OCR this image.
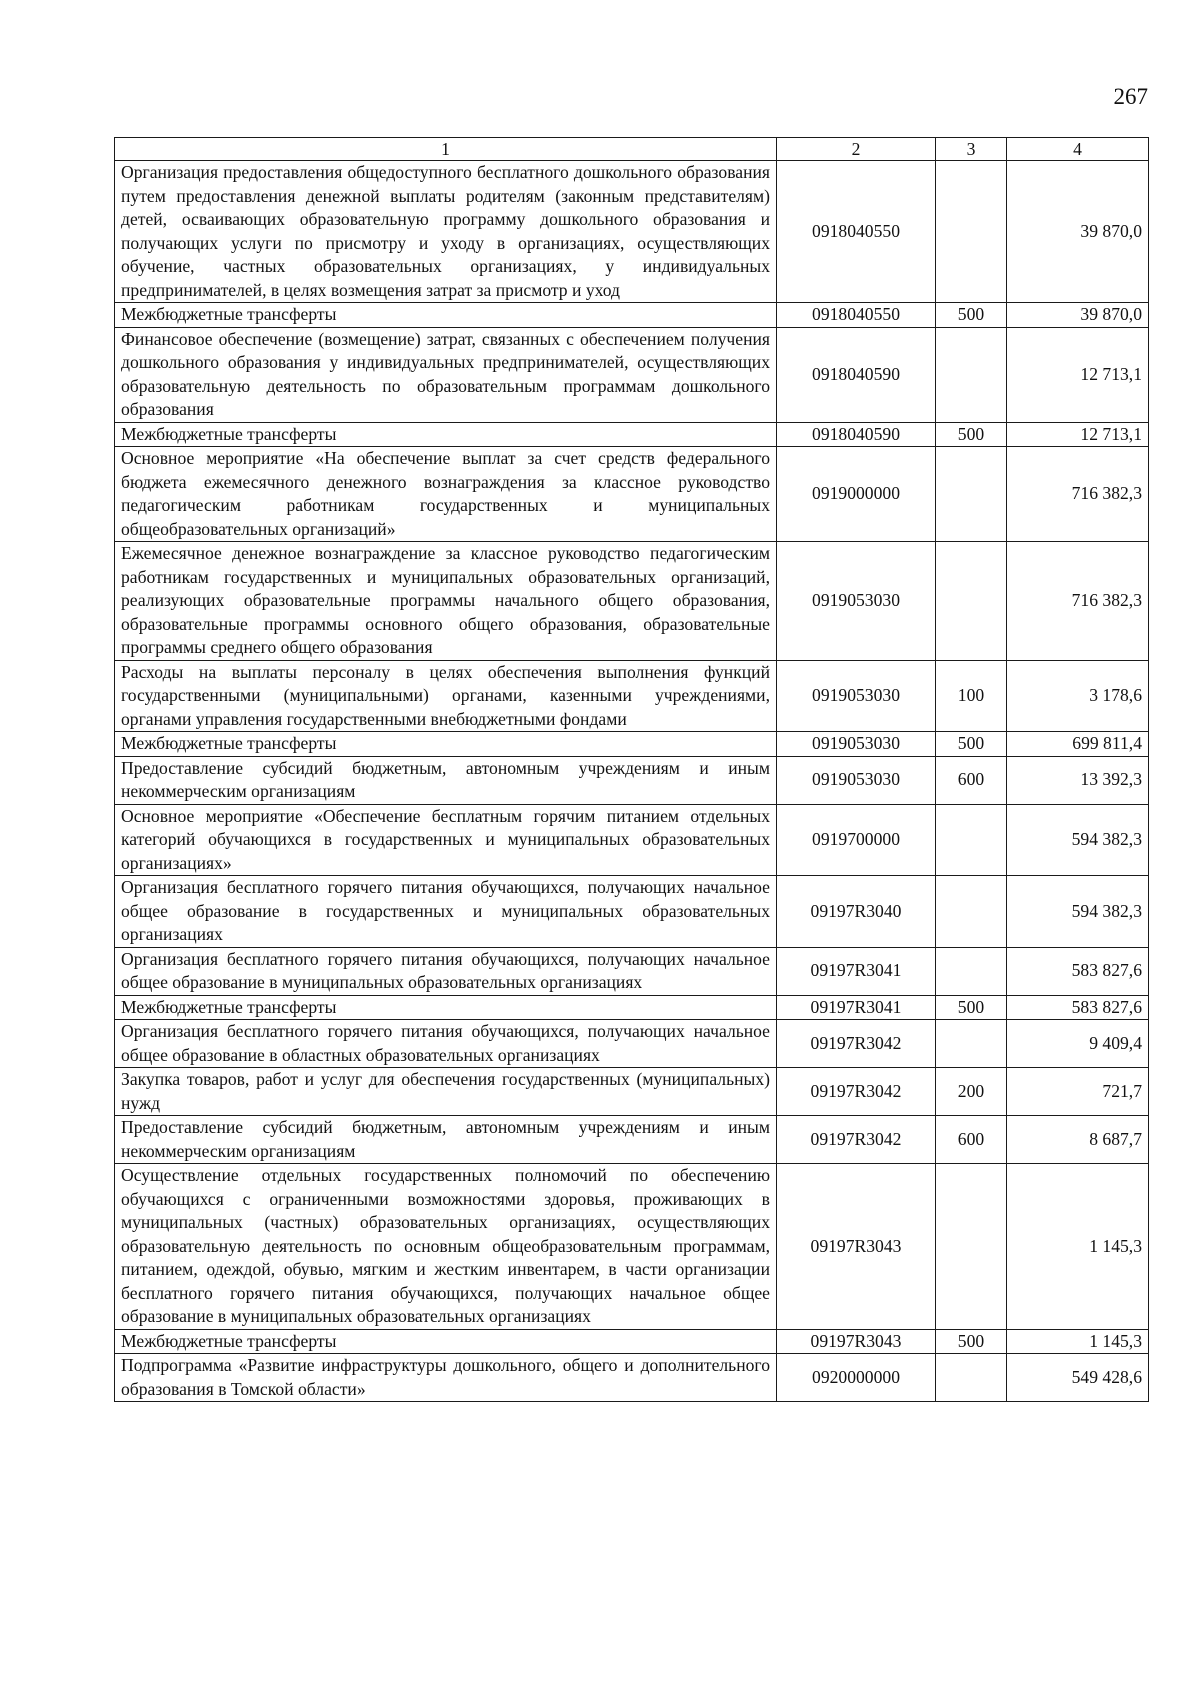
267
1	2	3	4
Организация предоставления общедоступного бесплатного дошкольного образования путем предоставления денежной выплаты родителям (законным представителям) детей, осваивающих образовательную программу дошкольного образования и получающих услуги по присмотру и уходу в организациях, осуществляющих обучение, частных образовательных организациях, у индивидуальных предпринимателей, в целях возмещения затрат за присмотр и уход	0918040550		39 870,0
Межбюджетные трансферты	0918040550	500	39 870,0
Финансовое обеспечение (возмещение) затрат, связанных с обеспечением получения дошкольного образования у индивидуальных предпринимателей, осуществляющих образовательную деятельность по образовательным программам дошкольного образования	0918040590		12 713,1
Межбюджетные трансферты	0918040590	500	12 713,1
Основное мероприятие «На обеспечение выплат за счет средств федерального бюджета ежемесячного денежного вознаграждения за классное руководство педагогическим работникам государственных и муниципальных общеобразовательных организаций»	0919000000		716 382,3
Ежемесячное денежное вознаграждение за классное руководство педагогическим работникам государственных и муниципальных образовательных организаций, реализующих образовательные программы начального общего образования, образовательные программы основного общего образования, образовательные программы среднего общего образования	0919053030		716 382,3
Расходы на выплаты персоналу в целях обеспечения выполнения функций государственными (муниципальными) органами, казенными учреждениями, органами управления государственными внебюджетными фондами	0919053030	100	3 178,6
Межбюджетные трансферты	0919053030	500	699 811,4
Предоставление субсидий бюджетным, автономным учреждениям и иным некоммерческим организациям	0919053030	600	13 392,3
Основное мероприятие «Обеспечение бесплатным горячим питанием отдельных категорий обучающихся в государственных и муниципальных образовательных организациях»	0919700000		594 382,3
Организация бесплатного горячего питания обучающихся, получающих начальное общее образование в государственных и муниципальных образовательных организациях	09197R3040		594 382,3
Организация бесплатного горячего питания обучающихся, получающих начальное общее образование в муниципальных образовательных организациях	09197R3041		583 827,6
Межбюджетные трансферты	09197R3041	500	583 827,6
Организация бесплатного горячего питания обучающихся, получающих начальное общее образование в областных образовательных организациях	09197R3042		9 409,4
Закупка товаров, работ и услуг для обеспечения государственных (муниципальных) нужд	09197R3042	200	721,7
Предоставление субсидий бюджетным, автономным учреждениям и иным некоммерческим организациям	09197R3042	600	8 687,7
Осуществление отдельных государственных полномочий по обеспечению обучающихся с ограниченными возможностями здоровья, проживающих в муниципальных (частных) образовательных организациях, осуществляющих образовательную деятельность по основным общеобразовательным программам, питанием, одеждой, обувью, мягким и жестким инвентарем, в части организации бесплатного горячего питания обучающихся, получающих начальное общее образование в муниципальных образовательных организациях	09197R3043		1 145,3
Межбюджетные трансферты	09197R3043	500	1 145,3
Подпрограмма «Развитие инфраструктуры дошкольного, общего и дополнительного образования в Томской области»	0920000000		549 428,6
